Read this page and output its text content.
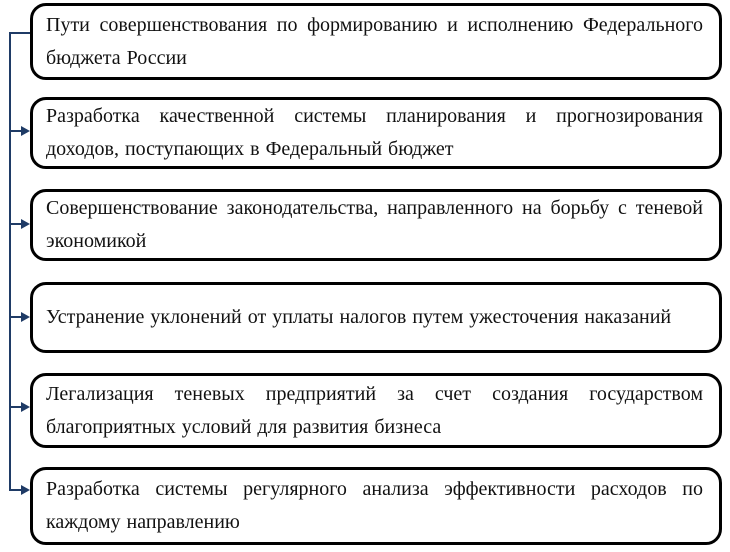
Пути совершенствования по формированию и исполнению Федерального бюджета России

Разработка качественной системы планирования и прогнозирования доходов, поступающих в Федеральный бюджет

Совершенствование законодательства, направленного на борьбу с теневой экономикой

Устранение уклонений от уплаты налогов путем ужесточения наказаний

Легализация теневых предприятий за счет создания государством благоприятных условий для развития бизнеса

Разработка системы регулярного анализа эффективности расходов по каждому направлению
